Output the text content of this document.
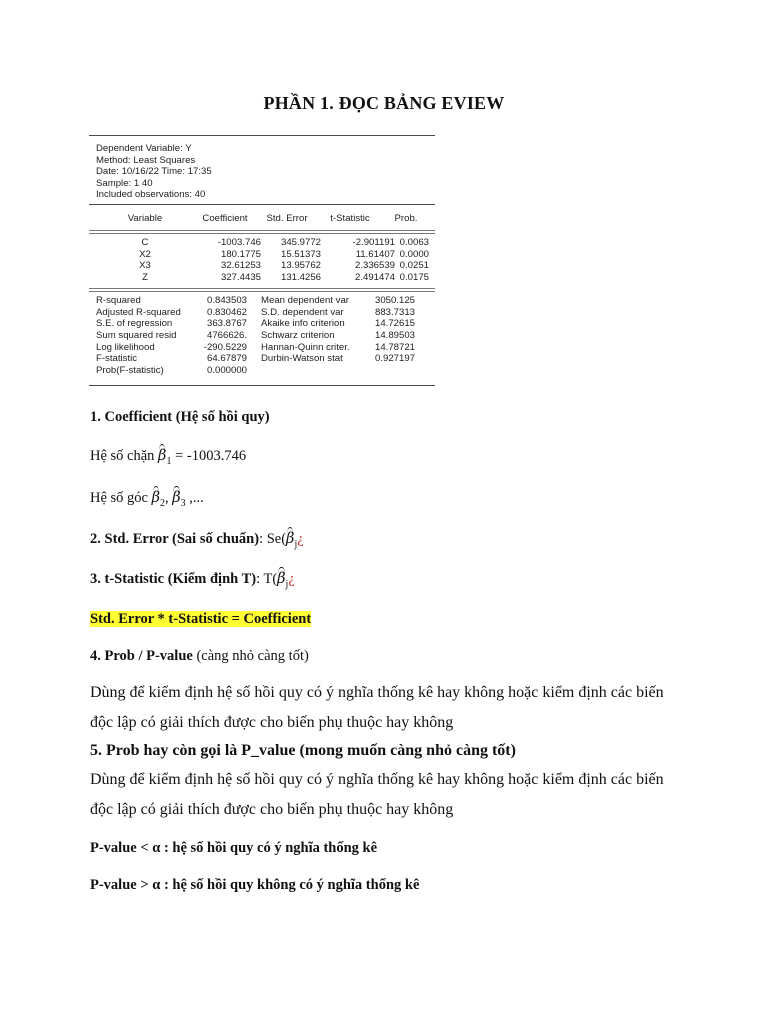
PHẦN 1. ĐỌC BẢNG EVIEW
Dependent Variable: Y
Method: Least Squares
Date: 10/16/22 Time: 17:35
Sample: 1 40
Included observations: 40
Variable	Coefficient	Std. Error	t-Statistic	Prob.
C	-1003.746	345.9772	-2.901191 0.0063
X2	180.1775	15.51373	11.61407 0.0000
X3	32.61253	13.95762	2.336539 0.0251
Z	327.4435	131.4256	2.491474 0.0175
R-squared	0.843503 Mean dependent var	3050.125
Adjusted R-squared	0.830462 S.D. dependent var	883.7313
S.E. of regression	363.8767 Akaike info criterion	14.72615
Sum squared resid	4766626. Schwarz criterion	14.89503
Log likelihood	-290.5229 Hannan-Quinn criter.	14.78721
F-statistic	64.67879 Durbin-Watson stat	0.927197
Prob(F-statistic)	0.000000
1. Coefficient (Hệ số hồi quy)
Hệ số chặn $\beta_1 = -1003.746$
Hệ số góc $\beta_2$, $\beta_3$ ,...
2. Std. Error (Sai số chuẩn): $Se(\beta_j¿$
3. t-Statistic (Kiểm định T): $T(\beta_j¿$
Std. Error * t-Statistic = Coefficient
4. Prob / P-value (càng nhỏ càng tốt)
Dùng để kiểm định hệ số hồi quy có ý nghĩa thống kê hay không hoặc kiểm định các biến
độc lập có giải thích được cho biến phụ thuộc hay không
5. Prob hay còn gọi là P_value (mong muốn càng nhỏ càng tốt)
Dùng để kiểm định hệ số hồi quy có ý nghĩa thống kê hay không hoặc kiểm định các biến
độc lập có giải thích được cho biến phụ thuộc hay không
P-value < α : hệ số hồi quy có ý nghĩa thống kê
P-value > α : hệ số hồi quy không có ý nghĩa thống kê
